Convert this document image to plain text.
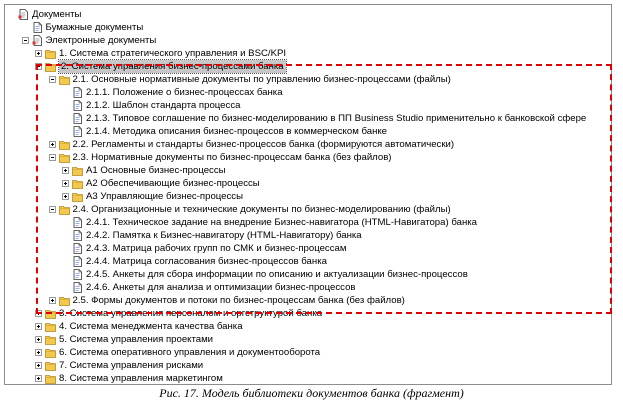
Документы
Бумажные документы
Электронные документы
1. Система стратегического управления и BSC/KPI
2. Система управления бизнес-процессами банка
2.1. Основные нормативные документы по управлению бизнес-процессами (файлы)
2.1.1. Положение о бизнес-процессах банка
2.1.2. Шаблон стандарта процесса
2.1.3. Типовое соглашение по бизнес-моделированию в ПП Business Studio применительно к банковской сфере
2.1.4. Методика описания бизнес-процессов в коммерческом банке
2.2. Регламенты и стандарты бизнес-процессов банка (формируются автоматически)
2.3. Нормативные документы по бизнес-процессам банка (без файлов)
А1 Основные бизнес-процессы
А2 Обеспечивающие бизнес-процессы
А3 Управляющие бизнес-процессы
2.4. Организационные и технические документы по бизнес-моделированию (файлы)
2.4.1. Техническое задание на внедрение Бизнес-навигатора (HTML-Навигатора) банка
2.4.2. Памятка к Бизнес-навигатору (HTML-Навигатору) банка
2.4.3. Матрица рабочих групп по СМК и бизнес-процессам
2.4.4. Матрица согласования бизнес-процессов банка
2.4.5. Анкеты для сбора информации по описанию и актуализации бизнес-процессов
2.4.6. Анкеты для анализа и оптимизации бизнес-процессов
2.5. Формы документов и потоки по бизнес-процессам банка (без файлов)
3. Система управления персоналом и оргструктурой банка
4. Система менеджмента качества банка
5. Система управления проектами
6. Система оперативного управления и документооборота
7. Система управления рисками
8. Система управления маркетингом
Рис. 17. Модель библиотеки документов банка (фрагмент)
